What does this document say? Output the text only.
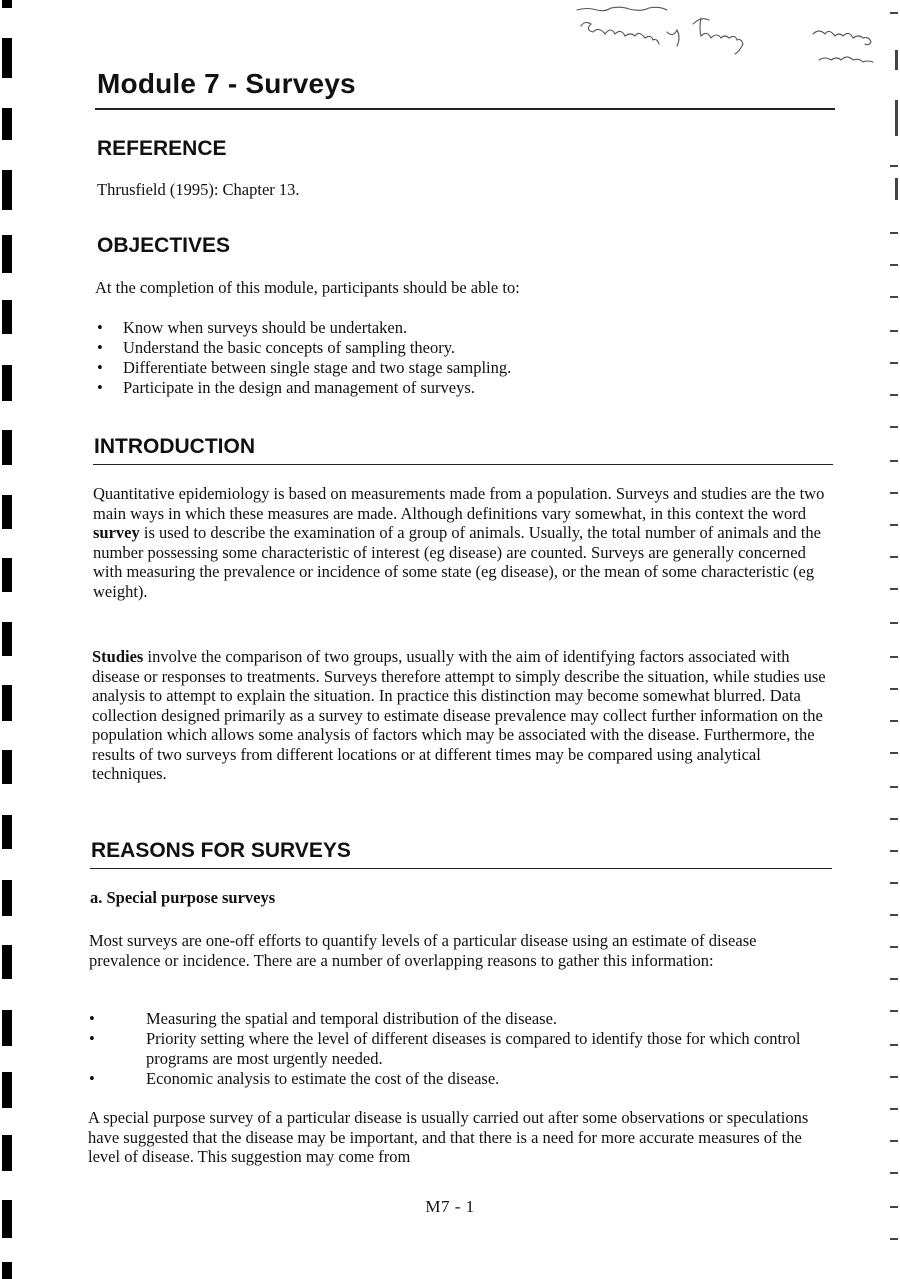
Module 7 - Surveys
REFERENCE

Thrusfield (1995): Chapter 13.

OBJECTIVES

At the completion of this module, participants should be able to:

• Know when surveys should be undertaken.
• Understand the basic concepts of sampling theory.
• Differentiate between single stage and two stage sampling.
• Participate in the design and management of surveys.
INTRODUCTION

Quantitative epidemiology is based on measurements made from a population. Surveys and studies are the two main ways in which these measures are made. Although definitions vary somewhat, in this context the word survey is used to describe the examination of a group of animals. Usually, the total number of animals and the number possessing some characteristic of interest (eg disease) are counted. Surveys are generally concerned with measuring the prevalence or incidence of some state (eg disease), or the mean of some characteristic (eg weight).

Studies involve the comparison of two groups, usually with the aim of identifying factors associated with disease or responses to treatments. Surveys therefore attempt to simply describe the situation, while studies use analysis to attempt to explain the situation. In practice this distinction may become somewhat blurred. Data collection designed primarily as a survey to estimate disease prevalence may collect further information on the population which allows some analysis of factors which may be associated with the disease. Furthermore, the results of two surveys from different locations or at different times may be compared using analytical techniques.

REASONS FOR SURVEYS

a. Special purpose surveys

Most surveys are one-off efforts to quantify levels of a particular disease using an estimate of disease prevalence or incidence. There are a number of overlapping reasons to gather this information:

• Measuring the spatial and temporal distribution of the disease.
• Priority setting where the level of different diseases is compared to identify those for which control programs are most urgently needed.
• Economic analysis to estimate the cost of the disease.

A special purpose survey of a particular disease is usually carried out after some observations or speculations have suggested that the disease may be important, and that there is a need for more accurate measures of the level of disease. This suggestion may come from

M7 - 1
